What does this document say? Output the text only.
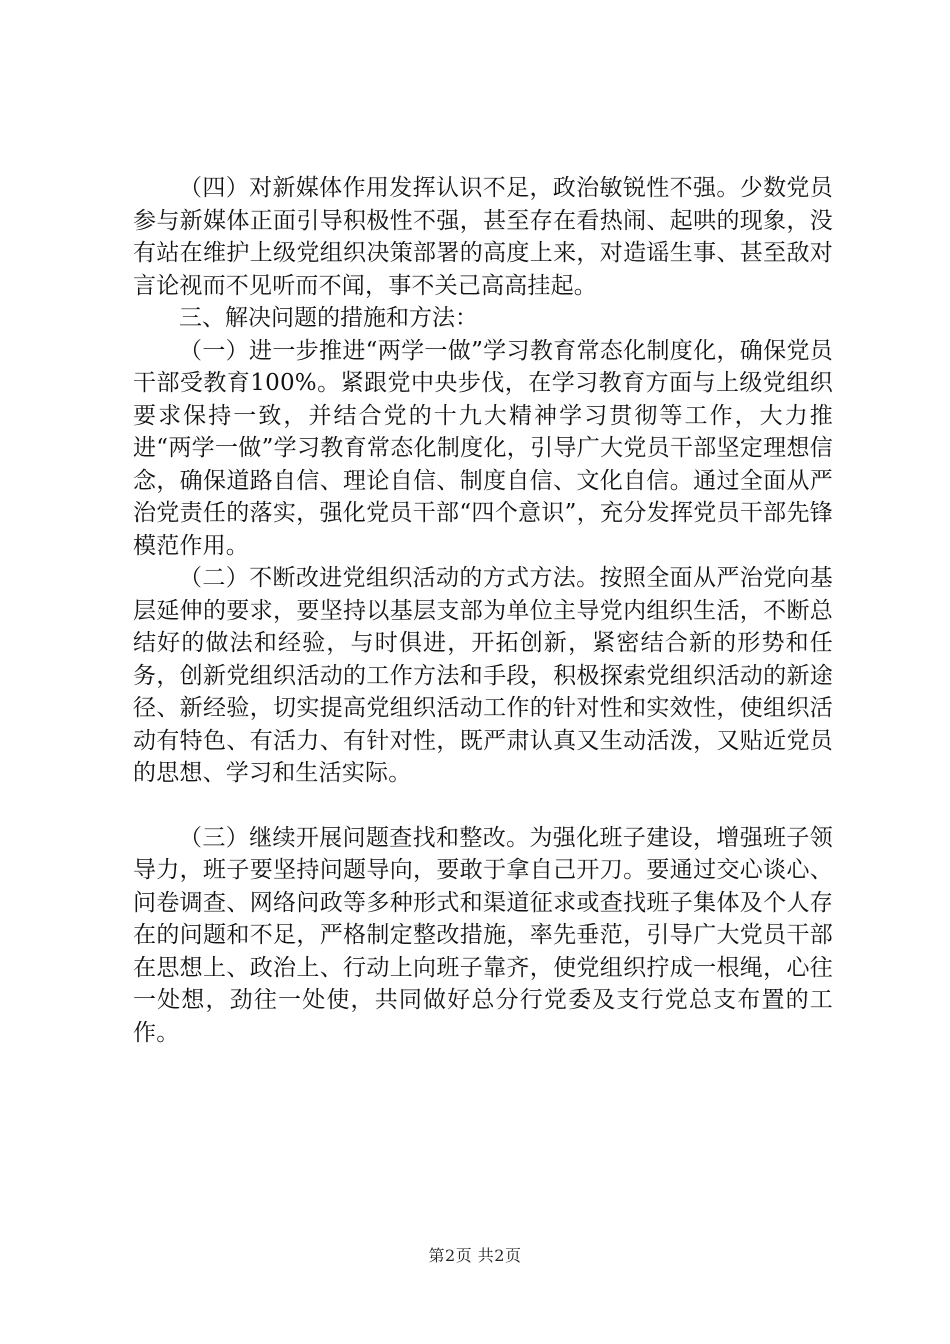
（四）对新媒体作用发挥认识不足，政治敏锐性不强。少数党员参与新媒体正面引导积极性不强，甚至存在看热闹、起哄的现象，没有站在维护上级党组织决策部署的高度上来，对造谣生事、甚至敌对言论视而不见听而不闻，事不关己高高挂起。

三、解决问题的措施和方法：

（一）进一步推进“两学一做”学习教育常态化制度化，确保党员干部受教育100%。紧跟党中央步伐，在学习教育方面与上级党组织要求保持一致，并结合党的十九大精神学习贯彻等工作，大力推进“两学一做”学习教育常态化制度化，引导广大党员干部坚定理想信念，确保道路自信、理论自信、制度自信、文化自信。通过全面从严治党责任的落实，强化党员干部“四个意识”，充分发挥党员干部先锋模范作用。

（二）不断改进党组织活动的方式方法。按照全面从严治党向基层延伸的要求，要坚持以基层支部为单位主导党内组织生活，不断总结好的做法和经验，与时俱进，开拓创新，紧密结合新的形势和任务，创新党组织活动的工作方法和手段，积极探索党组织活动的新途径、新经验，切实提高党组织活动工作的针对性和实效性，使组织活动有特色、有活力、有针对性，既严肃认真又生动活泼，又贴近党员的思想、学习和生活实际。

（三）继续开展问题查找和整改。为强化班子建设，增强班子领导力，班子要坚持问题导向，要敢于拿自己开刀。要通过交心谈心、问卷调查、网络问政等多种形式和渠道征求或查找班子集体及个人存在的问题和不足，严格制定整改措施，率先垂范，引导广大党员干部在思想上、政治上、行动上向班子靠齐，使党组织拧成一根绳，心往一处想，劲往一处使，共同做好总分行党委及支行党总支布置的工作。

第2页 共2页
